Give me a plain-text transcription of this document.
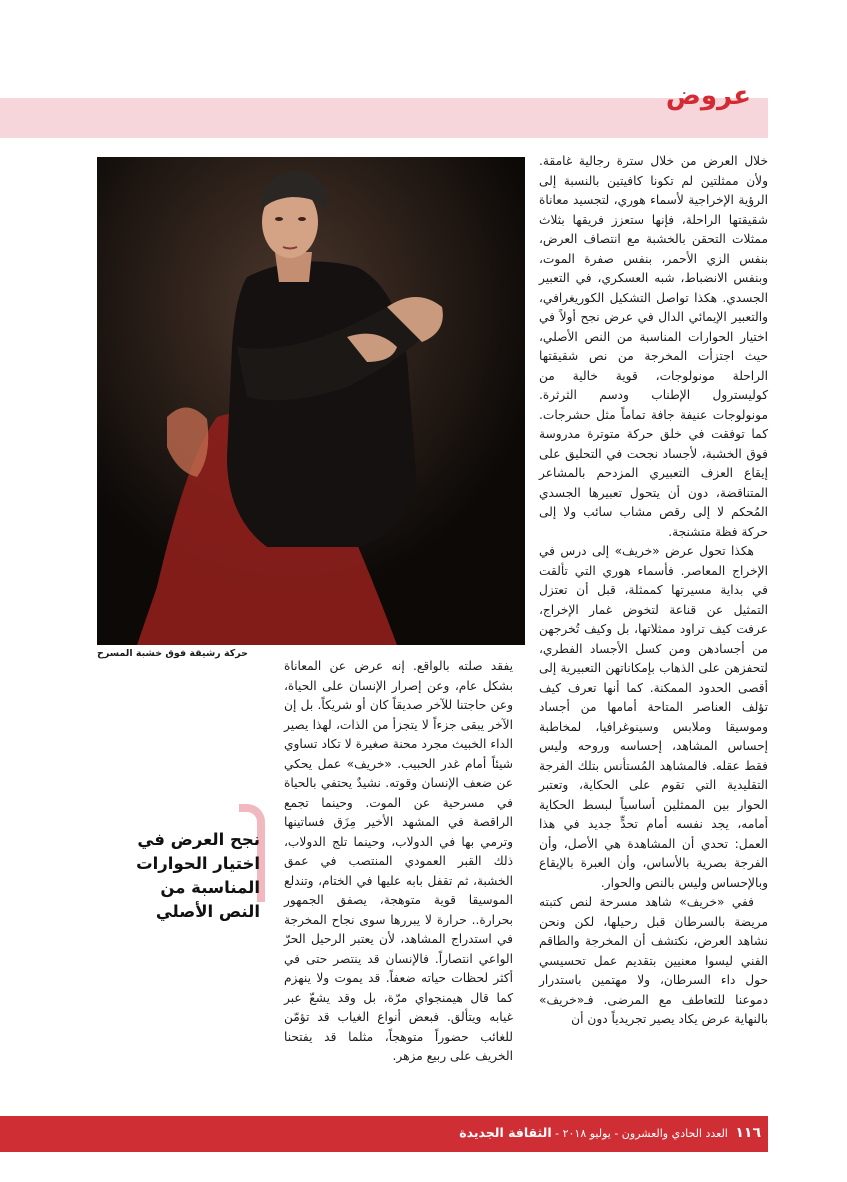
عروض
حركة رشيقة فوق خشبة المسرح

خلال العرض من خلال سترة رجالية غامقة. ولأن ممثلتين لم تكونا كافيتين بالنسبة إلى الرؤية الإخراجية لأسماء هوري، لتجسيد معاناة شقيقتها الراحلة، فإنها ستعزز فريقها بثلاث ممثلات التحقن بالخشبة مع انتصاف العرض، بنفس الزي الأحمر، بنفس صفرة الموت، وبنفس الانضباط، شبه العسكري، في التعبير الجسدي. هكذا تواصل التشكيل الكوريغرافي، والتعبير الإيمائي الدال في عرض نجح أولاً في اختيار الحوارات المناسبة من النص الأصلي، حيث اجتزأت المخرجة من نص شقيقتها الراحلة مونولوجات، قوية خالية من كوليسترول الإطناب ودسم الثرثرة. مونولوجات عنيفة جافة تماماً مثل حشرجات. كما توفقت في خلق حركة متوترة مدروسة فوق الخشبة، لأجساد نجحت في التحليق على إيقاع العزف التعبيري المزدحم بالمشاعر المتناقضة، دون أن يتحول تعبيرها الجسدي المُحكم لا إلى رقص مشاب سائب ولا إلى حركة فظة متشنجة.

هكذا تحول عرض «خريف» إلى درس في الإخراج المعاصر. فأسماء هوري التي تألقت في بداية مسيرتها كممثلة، قبل أن تعتزل التمثيل عن قناعة لتخوض غمار الإخراج، عرفت كيف تراود ممثلاتها، بل وكيف تُخرجهن من أجسادهن ومن كسل الأجساد الفطري، لتحفزهن على الذهاب بإمكاناتهن التعبيرية إلى أقصى الحدود الممكنة. كما أنها تعرف كيف تؤلف العناصر المتاحة أمامها من أجساد وموسيقا وملابس وسينوغرافيا، لمخاطبة إحساس المشاهد، إحساسه وروحه وليس فقط عقله. فالمشاهد المُستأنس بتلك الفرجة التقليدية التي تقوم على الحكاية، وتعتبر الحوار بين الممثلين أساسياً لبسط الحكاية أمامه، يجد نفسه أمام تحدٍّ جديد في هذا العمل: تحدي أن المشاهدة هي الأصل، وأن الفرجة بصرية بالأساس، وأن العبرة بالإيقاع وبالإحساس وليس بالنص والحوار.

ففي «خريف» شاهد مسرحة لنص كتبته مريضة بالسرطان قبل رحيلها، لكن ونحن نشاهد العرض، نكتشف أن المخرجة والطاقم الفني ليسوا معنيين بتقديم عمل تحسيسي حول داء السرطان، ولا مهتمين باستدرار دموعنا للتعاطف مع المرضى. فـ«خريف» بالنهاية عرض يكاد يصير تجريدياً دون أن

يفقد صلته بالواقع. إنه عرض عن المعاناة بشكل عام، وعن إصرار الإنسان على الحياة، وعن حاجتنا للآخر صديقاً كان أو شريكاً. بل إن الآخر يبقى جزءاً لا يتجزأ من الذات، لهذا يصير الداء الخبيث مجرد محنة صغيرة لا تكاد تساوي شيئاً أمام غدر الحبيب. «خريف» عمل يحكي عن ضعف الإنسان وقوته. نشيدٌ يحتفي بالحياة في مسرحية عن الموت. وحينما تجمع الراقصة في المشهد الأخير مِزَق فساتينها وترمي بها في الدولاب، وحينما تلج الدولاب، ذلك القبر العمودي المنتصب في عمق الخشبة، ثم تقفل بابه عليها في الختام، وتندلع الموسيقا قوية متوهجة، يصفق الجمهور بحرارة.. حرارة لا يبررها سوى نجاح المخرجة في استدراج المشاهد، لأن يعتبر الرحيل الحرّ الواعي انتصاراً. فالإنسان قد ينتصر حتى في أكثر لحظات حياته ضعفاً. قد يموت ولا ينهزم كما قال هيمنجواي مرّة، بل وقد يشعّ عبر غيابه ويتألق. فبعض أنواع الغياب قد تؤمّن للغائب حضوراً متوهجاً، مثلما قد يفتحنا الخريف على ربيع مزهر.

نجح العرض في اختيار الحوارات المناسبة من النص الأصلي
١١٦ العدد الحادي والعشرون - يوليو ٢٠١٨ - الثقافة الجديدة
